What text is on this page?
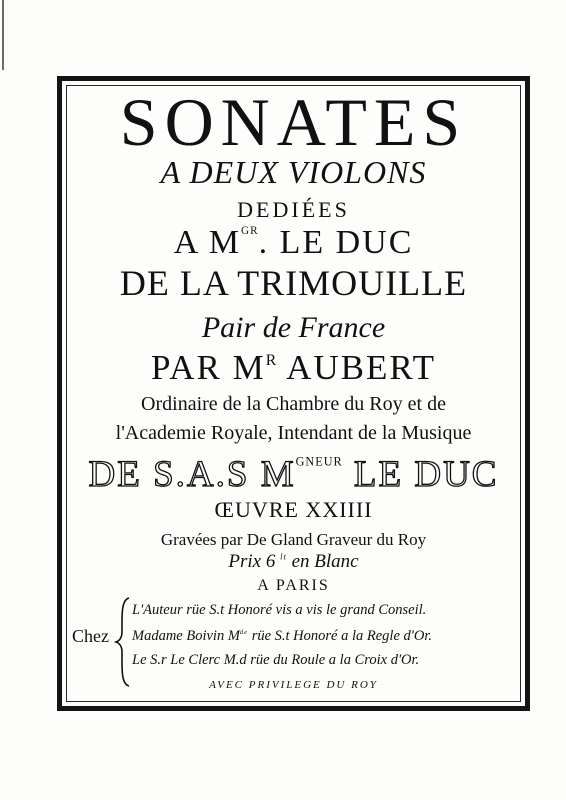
SONATES
A DEUX VIOLONS
DEDIÉES
A $M^{GR}$. LE DUC
DE LA TRIMOUILLE
Pair de France
PAR $M^R$ AUBERT
Ordinaire de la Chambre du Roy et de
l'Academie Royale, Intendant de la Musique
DE S.A.S $M^{GNEUR}$ LE DUC
ŒUVRE XXIIII
Gravées par De Gland Graveur du Roy
Prix 6 $^{lt}$ en Blanc
A PARIS
Chez
L'Auteur rüe S.t Honoré vis a vis le grand Conseil.
Madame Boivin Mde rüe S.t Honoré a la Regle d'Or.
Le S.r Le Clerc M.d rüe du Roule a la Croix d'Or.
AVEC PRIVILEGE DU ROY
